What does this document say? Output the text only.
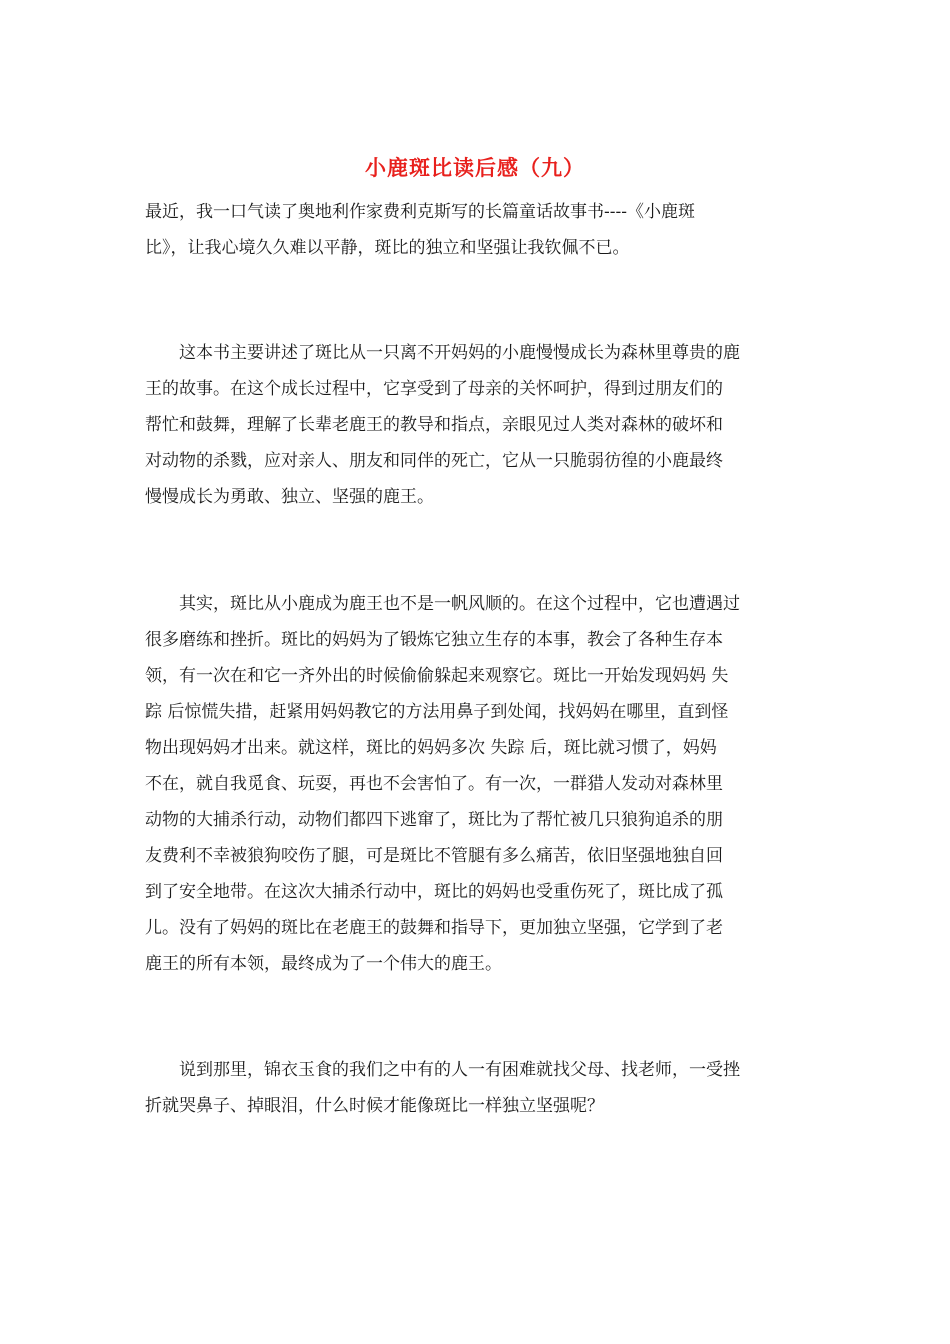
小鹿斑比读后感（九）
最近，我一口气读了奥地利作家费利克斯写的长篇童话故事书----《小鹿斑
比》，让我心境久久难以平静，斑比的独立和坚强让我钦佩不已。
　　这本书主要讲述了斑比从一只离不开妈妈的小鹿慢慢成长为森林里尊贵的鹿
王的故事。在这个成长过程中，它享受到了母亲的关怀呵护，得到过朋友们的
帮忙和鼓舞，理解了长辈老鹿王的教导和指点，亲眼见过人类对森林的破坏和
对动物的杀戮，应对亲人、朋友和同伴的死亡，它从一只脆弱彷徨的小鹿最终
慢慢成长为勇敢、独立、坚强的鹿王。
　　其实，斑比从小鹿成为鹿王也不是一帆风顺的。在这个过程中，它也遭遇过
很多磨练和挫折。斑比的妈妈为了锻炼它独立生存的本事，教会了各种生存本
领，有一次在和它一齐外出的时候偷偷躲起来观察它。斑比一开始发现妈妈 失
踪 后惊慌失措，赶紧用妈妈教它的方法用鼻子到处闻，找妈妈在哪里，直到怪
物出现妈妈才出来。就这样，斑比的妈妈多次 失踪 后，斑比就习惯了，妈妈
不在，就自我觅食、玩耍，再也不会害怕了。有一次，一群猎人发动对森林里
动物的大捕杀行动，动物们都四下逃窜了，斑比为了帮忙被几只狼狗追杀的朋
友费利不幸被狼狗咬伤了腿，可是斑比不管腿有多么痛苦，依旧坚强地独自回
到了安全地带。在这次大捕杀行动中，斑比的妈妈也受重伤死了，斑比成了孤
儿。没有了妈妈的斑比在老鹿王的鼓舞和指导下，更加独立坚强，它学到了老
鹿王的所有本领，最终成为了一个伟大的鹿王。
　　说到那里，锦衣玉食的我们之中有的人一有困难就找父母、找老师，一受挫
折就哭鼻子、掉眼泪，什么时候才能像斑比一样独立坚强呢？
